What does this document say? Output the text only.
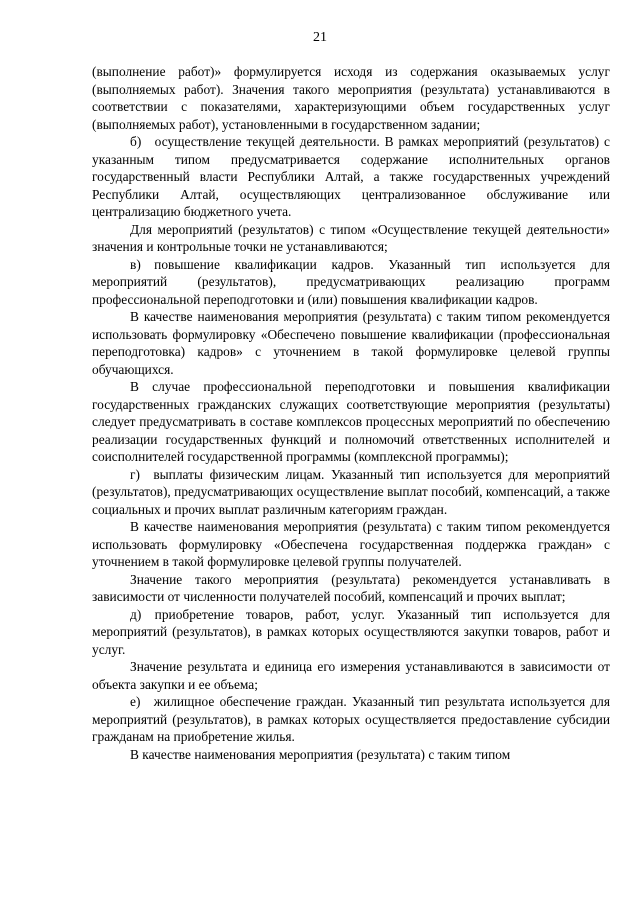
21

(выполнение работ)» формулируется исходя из содержания оказываемых услуг (выполняемых работ). Значения такого мероприятия (результата) устанавливаются в соответствии с показателями, характеризующими объем государственных услуг (выполняемых работ), установленными в государственном задании;

б) осуществление текущей деятельности. В рамках мероприятий (результатов) с указанным типом предусматривается содержание исполнительных органов государственный власти Республики Алтай, а также государственных учреждений Республики Алтай, осуществляющих централизованное обслуживание или централизацию бюджетного учета.

Для мероприятий (результатов) с типом «Осуществление текущей деятельности» значения и контрольные точки не устанавливаются;

в) повышение квалификации кадров. Указанный тип используется для мероприятий (результатов), предусматривающих реализацию программ профессиональной переподготовки и (или) повышения квалификации кадров.

В качестве наименования мероприятия (результата) с таким типом рекомендуется использовать формулировку «Обеспечено повышение квалификации (профессиональная переподготовка) кадров» с уточнением в такой формулировке целевой группы обучающихся.

В случае профессиональной переподготовки и повышения квалификации государственных гражданских служащих соответствующие мероприятия (результаты) следует предусматривать в составе комплексов процессных мероприятий по обеспечению реализации государственных функций и полномочий ответственных исполнителей и соисполнителей государственной программы (комплексной программы);

г) выплаты физическим лицам. Указанный тип используется для мероприятий (результатов), предусматривающих осуществление выплат пособий, компенсаций, а также социальных и прочих выплат различным категориям граждан.

В качестве наименования мероприятия (результата) с таким типом рекомендуется использовать формулировку «Обеспечена государственная поддержка граждан» с уточнением в такой формулировке целевой группы получателей.

Значение такого мероприятия (результата) рекомендуется устанавливать в зависимости от численности получателей пособий, компенсаций и прочих выплат;

д) приобретение товаров, работ, услуг. Указанный тип используется для мероприятий (результатов), в рамках которых осуществляются закупки товаров, работ и услуг.

Значение результата и единица его измерения устанавливаются в зависимости от объекта закупки и ее объема;

е) жилищное обеспечение граждан. Указанный тип результата используется для мероприятий (результатов), в рамках которых осуществляется предоставление субсидии гражданам на приобретение жилья.

В качестве наименования мероприятия (результата) с таким типом
